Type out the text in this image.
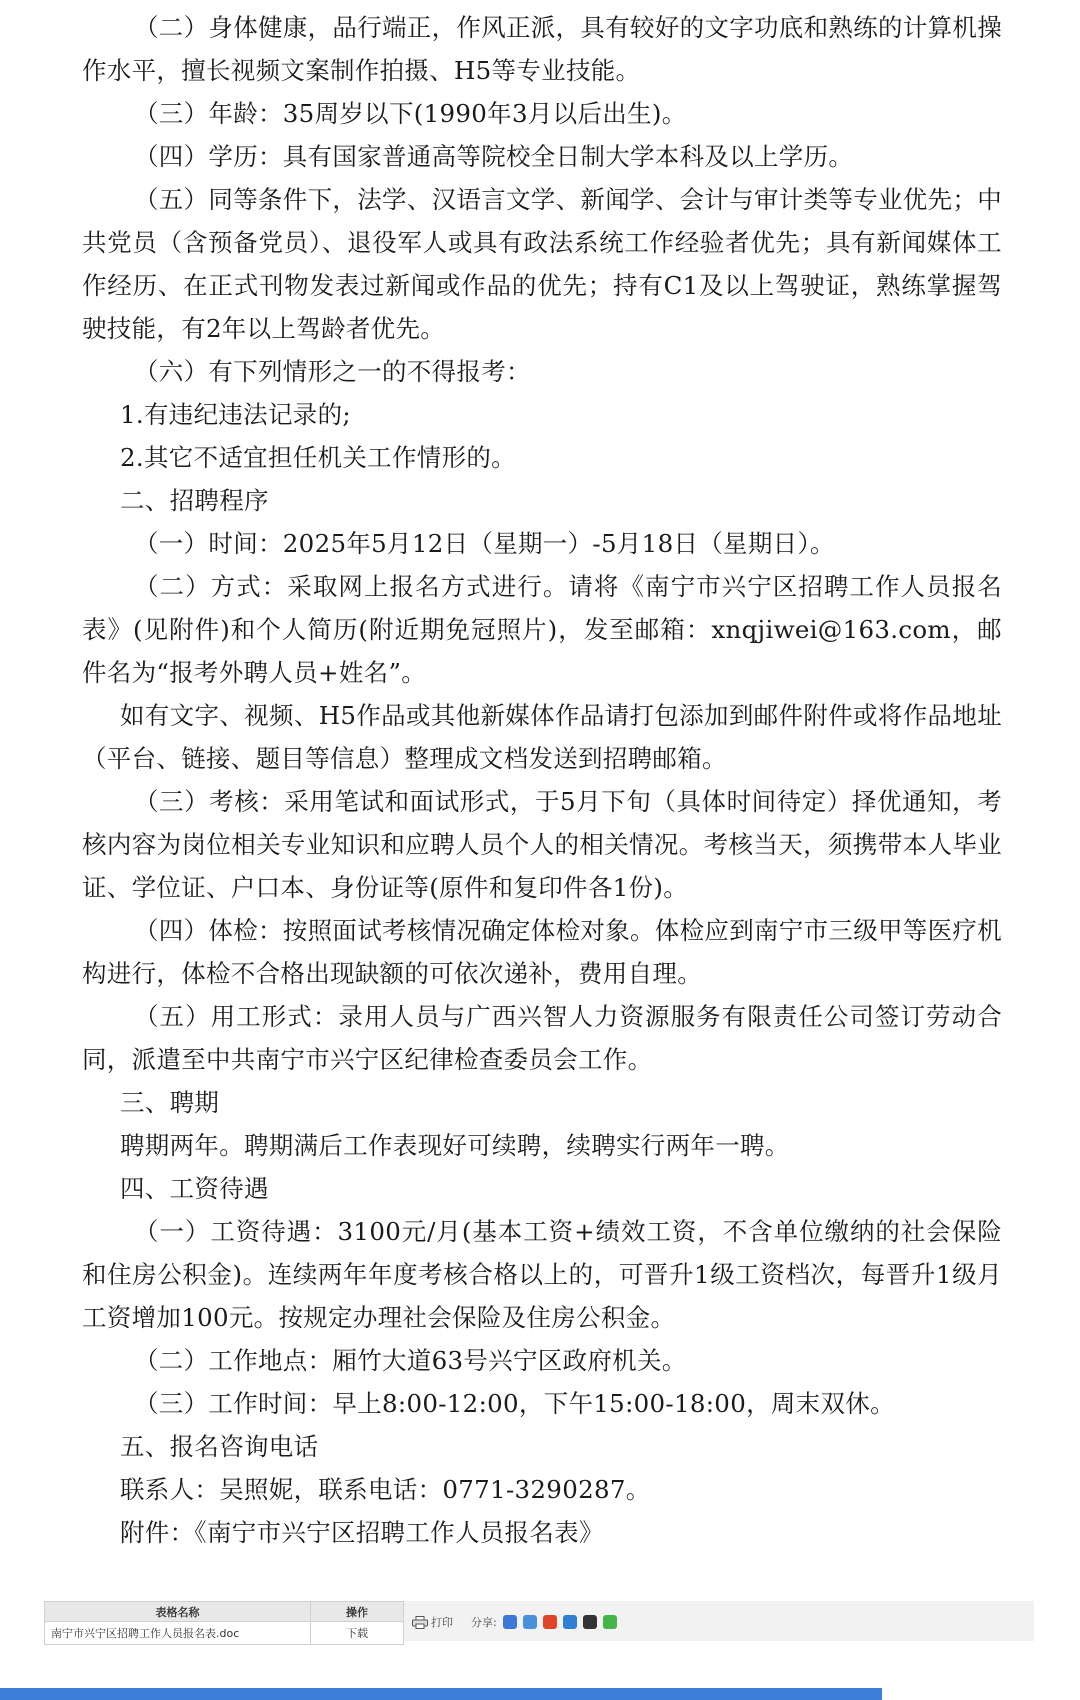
（二）身体健康，品行端正，作风正派，具有较好的文字功底和熟练的计算机操作水平，擅长视频文案制作拍摄、H5等专业技能。

（三）年龄：35周岁以下(1990年3月以后出生)。

（四）学历：具有国家普通高等院校全日制大学本科及以上学历。

（五）同等条件下，法学、汉语言文学、新闻学、会计与审计类等专业优先；中共党员（含预备党员）、退役军人或具有政法系统工作经验者优先；具有新闻媒体工作经历、在正式刊物发表过新闻或作品的优先；持有C1及以上驾驶证，熟练掌握驾驶技能，有2年以上驾龄者优先。

（六）有下列情形之一的不得报考：

1.有违纪违法记录的;

2.其它不适宜担任机关工作情形的。

二、招聘程序

（一）时间：2025年5月12日（星期一）-5月18日（星期日）。

（二）方式：采取网上报名方式进行。请将《南宁市兴宁区招聘工作人员报名表》(见附件)和个人简历(附近期免冠照片)，发至邮箱：xnqjiwei@163.com，邮件名为“报考外聘人员+姓名”。

如有文字、视频、H5作品或其他新媒体作品请打包添加到邮件附件或将作品地址（平台、链接、题目等信息）整理成文档发送到招聘邮箱。

（三）考核：采用笔试和面试形式，于5月下旬（具体时间待定）择优通知，考核内容为岗位相关专业知识和应聘人员个人的相关情况。考核当天，须携带本人毕业证、学位证、户口本、身份证等(原件和复印件各1份)。

（四）体检：按照面试考核情况确定体检对象。体检应到南宁市三级甲等医疗机构进行，体检不合格出现缺额的可依次递补，费用自理。

（五）用工形式：录用人员与广西兴智人力资源服务有限责任公司签订劳动合同，派遣至中共南宁市兴宁区纪律检查委员会工作。

三、聘期

聘期两年。聘期满后工作表现好可续聘，续聘实行两年一聘。

四、工资待遇

（一）工资待遇：3100元/月(基本工资+绩效工资，不含单位缴纳的社会保险和住房公积金)。连续两年年度考核合格以上的，可晋升1级工资档次，每晋升1级月工资增加100元。按规定办理社会保险及住房公积金。

（二）工作地点：厢竹大道63号兴宁区政府机关。

（三）工作时间：早上8:00-12:00，下午15:00-18:00，周末双休。

五、报名咨询电话

联系人：吴照妮，联系电话：0771-3290287。

附件：《南宁市兴宁区招聘工作人员报名表》

表格名称	操作
南宁市兴宁区招聘工作人员报名表.doc	下载
打印 分享:
